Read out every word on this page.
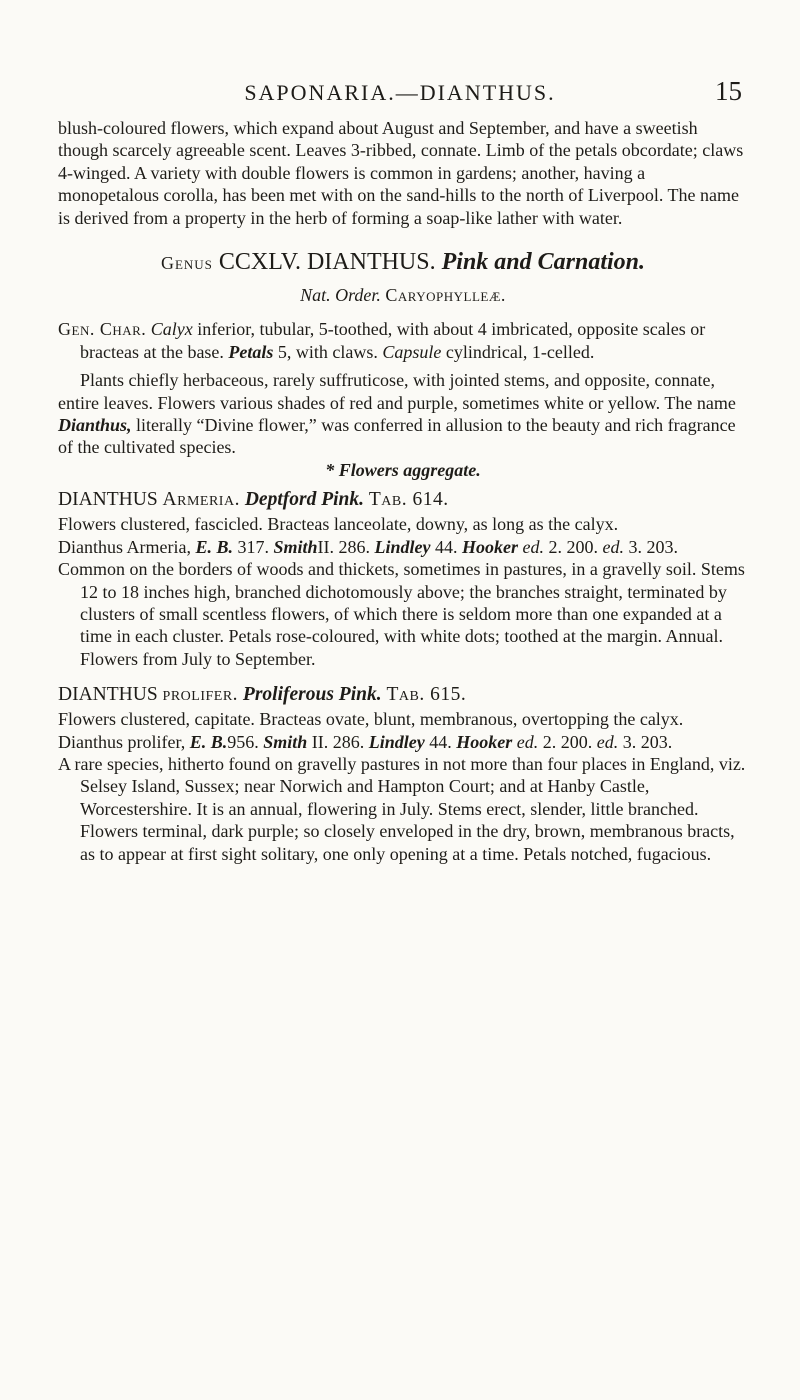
SAPONARIA.—DIANTHUS.	15

blush-coloured flowers, which expand about August and September, and have a sweetish though scarcely agreeable scent. Leaves 3-ribbed, connate. Limb of the petals obcordate; claws 4-winged. A variety with double flowers is common in gardens; another, having a monopetalous corolla, has been met with on the sand-hills to the north of Liverpool. The name is derived from a property in the herb of forming a soap-like lather with water.

Genus CCXLV. DIANTHUS. Pink and Carnation.

Nat. Order. Caryophylleæ.

Gen. Char. Calyx inferior, tubular, 5-toothed, with about 4 imbricated, opposite scales or bracteas at the base. Petals 5, with claws. Capsule cylindrical, 1-celled.

Plants chiefly herbaceous, rarely suffruticose, with jointed stems, and opposite, connate, entire leaves. Flowers various shades of red and purple, sometimes white or yellow. The name Dianthus, literally “Divine flower,” was conferred in allusion to the beauty and rich fragrance of the cultivated species.

* Flowers aggregate.

DIANTHUS Armeria. Deptford Pink. Tab. 614.

Flowers clustered, fascicled. Bracteas lanceolate, downy, as long as the calyx.

Dianthus Armeria, E. B. 317. SmithII. 286. Lindley 44. Hooker ed. 2. 200. ed. 3. 203.

Common on the borders of woods and thickets, sometimes in pastures, in a gravelly soil. Stems 12 to 18 inches high, branched dichotomously above; the branches straight, terminated by clusters of small scentless flowers, of which there is seldom more than one expanded at a time in each cluster. Petals rose-coloured, with white dots; toothed at the margin. Annual. Flowers from July to September.

DIANTHUS prolifer. Proliferous Pink. Tab. 615.

Flowers clustered, capitate. Bracteas ovate, blunt, membranous, overtopping the calyx.

Dianthus prolifer, E. B.956. Smith II. 286. Lindley 44. Hooker ed. 2. 200. ed. 3. 203.

A rare species, hitherto found on gravelly pastures in not more than four places in England, viz. Selsey Island, Sussex; near Norwich and Hampton Court; and at Hanby Castle, Worcestershire. It is an annual, flowering in July. Stems erect, slender, little branched. Flowers terminal, dark purple; so closely enveloped in the dry, brown, membranous bracts, as to appear at first sight solitary, one only opening at a time. Petals notched, fugacious.
